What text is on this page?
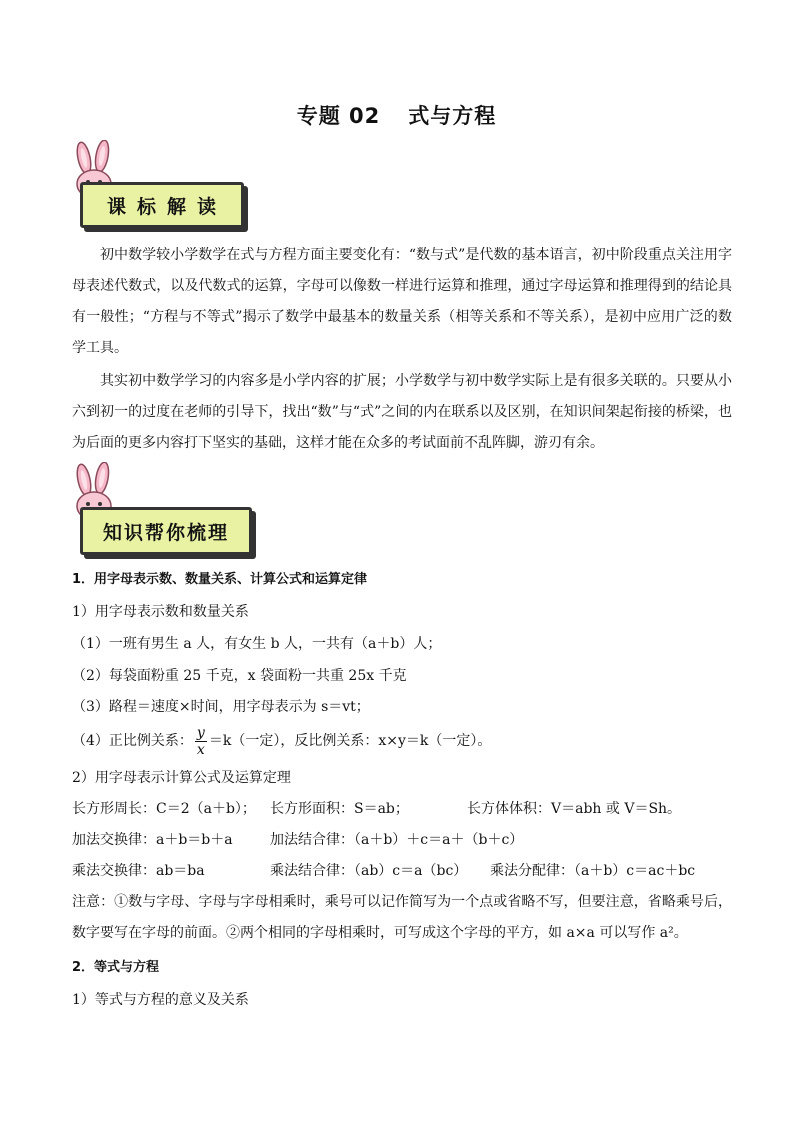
专题 02 式与方程
课标解读
初中数学较小学数学在式与方程方面主要变化有：“数与式”是代数的基本语言，初中阶段重点关注用字母表述代数式，以及代数式的运算，字母可以像数一样进行运算和推理，通过字母运算和推理得到的结论具有一般性；“方程与不等式”揭示了数学中最基本的数量关系（相等关系和不等关系），是初中应用广泛的数学工具。
其实初中数学学习的内容多是小学内容的扩展；小学数学与初中数学实际上是有很多关联的。只要从小六到初一的过度在老师的引导下，找出“数”与“式”之间的内在联系以及区别，在知识间架起衔接的桥梁，也为后面的更多内容打下坚实的基础，这样才能在众多的考试面前不乱阵脚，游刃有余。
知识帮你梳理
1．用字母表示数、数量关系、计算公式和运算定律
1）用字母表示数和数量关系
（1）一班有男生 a 人，有女生 b 人，一共有（a＋b）人；
（2）每袋面粉重 25 千克，x 袋面粉一共重 25x 千克
（3）路程＝速度×时间，用字母表示为 s＝vt；
（4）正比例关系： $\frac{y}{x} =k$（一定），反比例关系：x×y＝k（一定）。
2）用字母表示计算公式及运算定理
长方形周长：C＝2（a＋b）； 长方形面积：S＝ab；	长方体体积：V＝abh 或 V＝Sh。
加法交换律：a＋b＝b＋a	加法结合律：（a＋b）＋c＝a＋（b＋c）
乘法交换律：ab＝ba	乘法结合律：（ab）c＝a（bc） 乘法分配律：（a＋b）c＝ac＋bc
注意：①数与字母、字母与字母相乘时，乘号可以记作简写为一个点或省略不写，但要注意，省略乘号后，数字要写在字母的前面。②两个相同的字母相乘时，可写成这个字母的平方，如 a×a 可以写作 a²。
2．等式与方程
1）等式与方程的意义及关系
